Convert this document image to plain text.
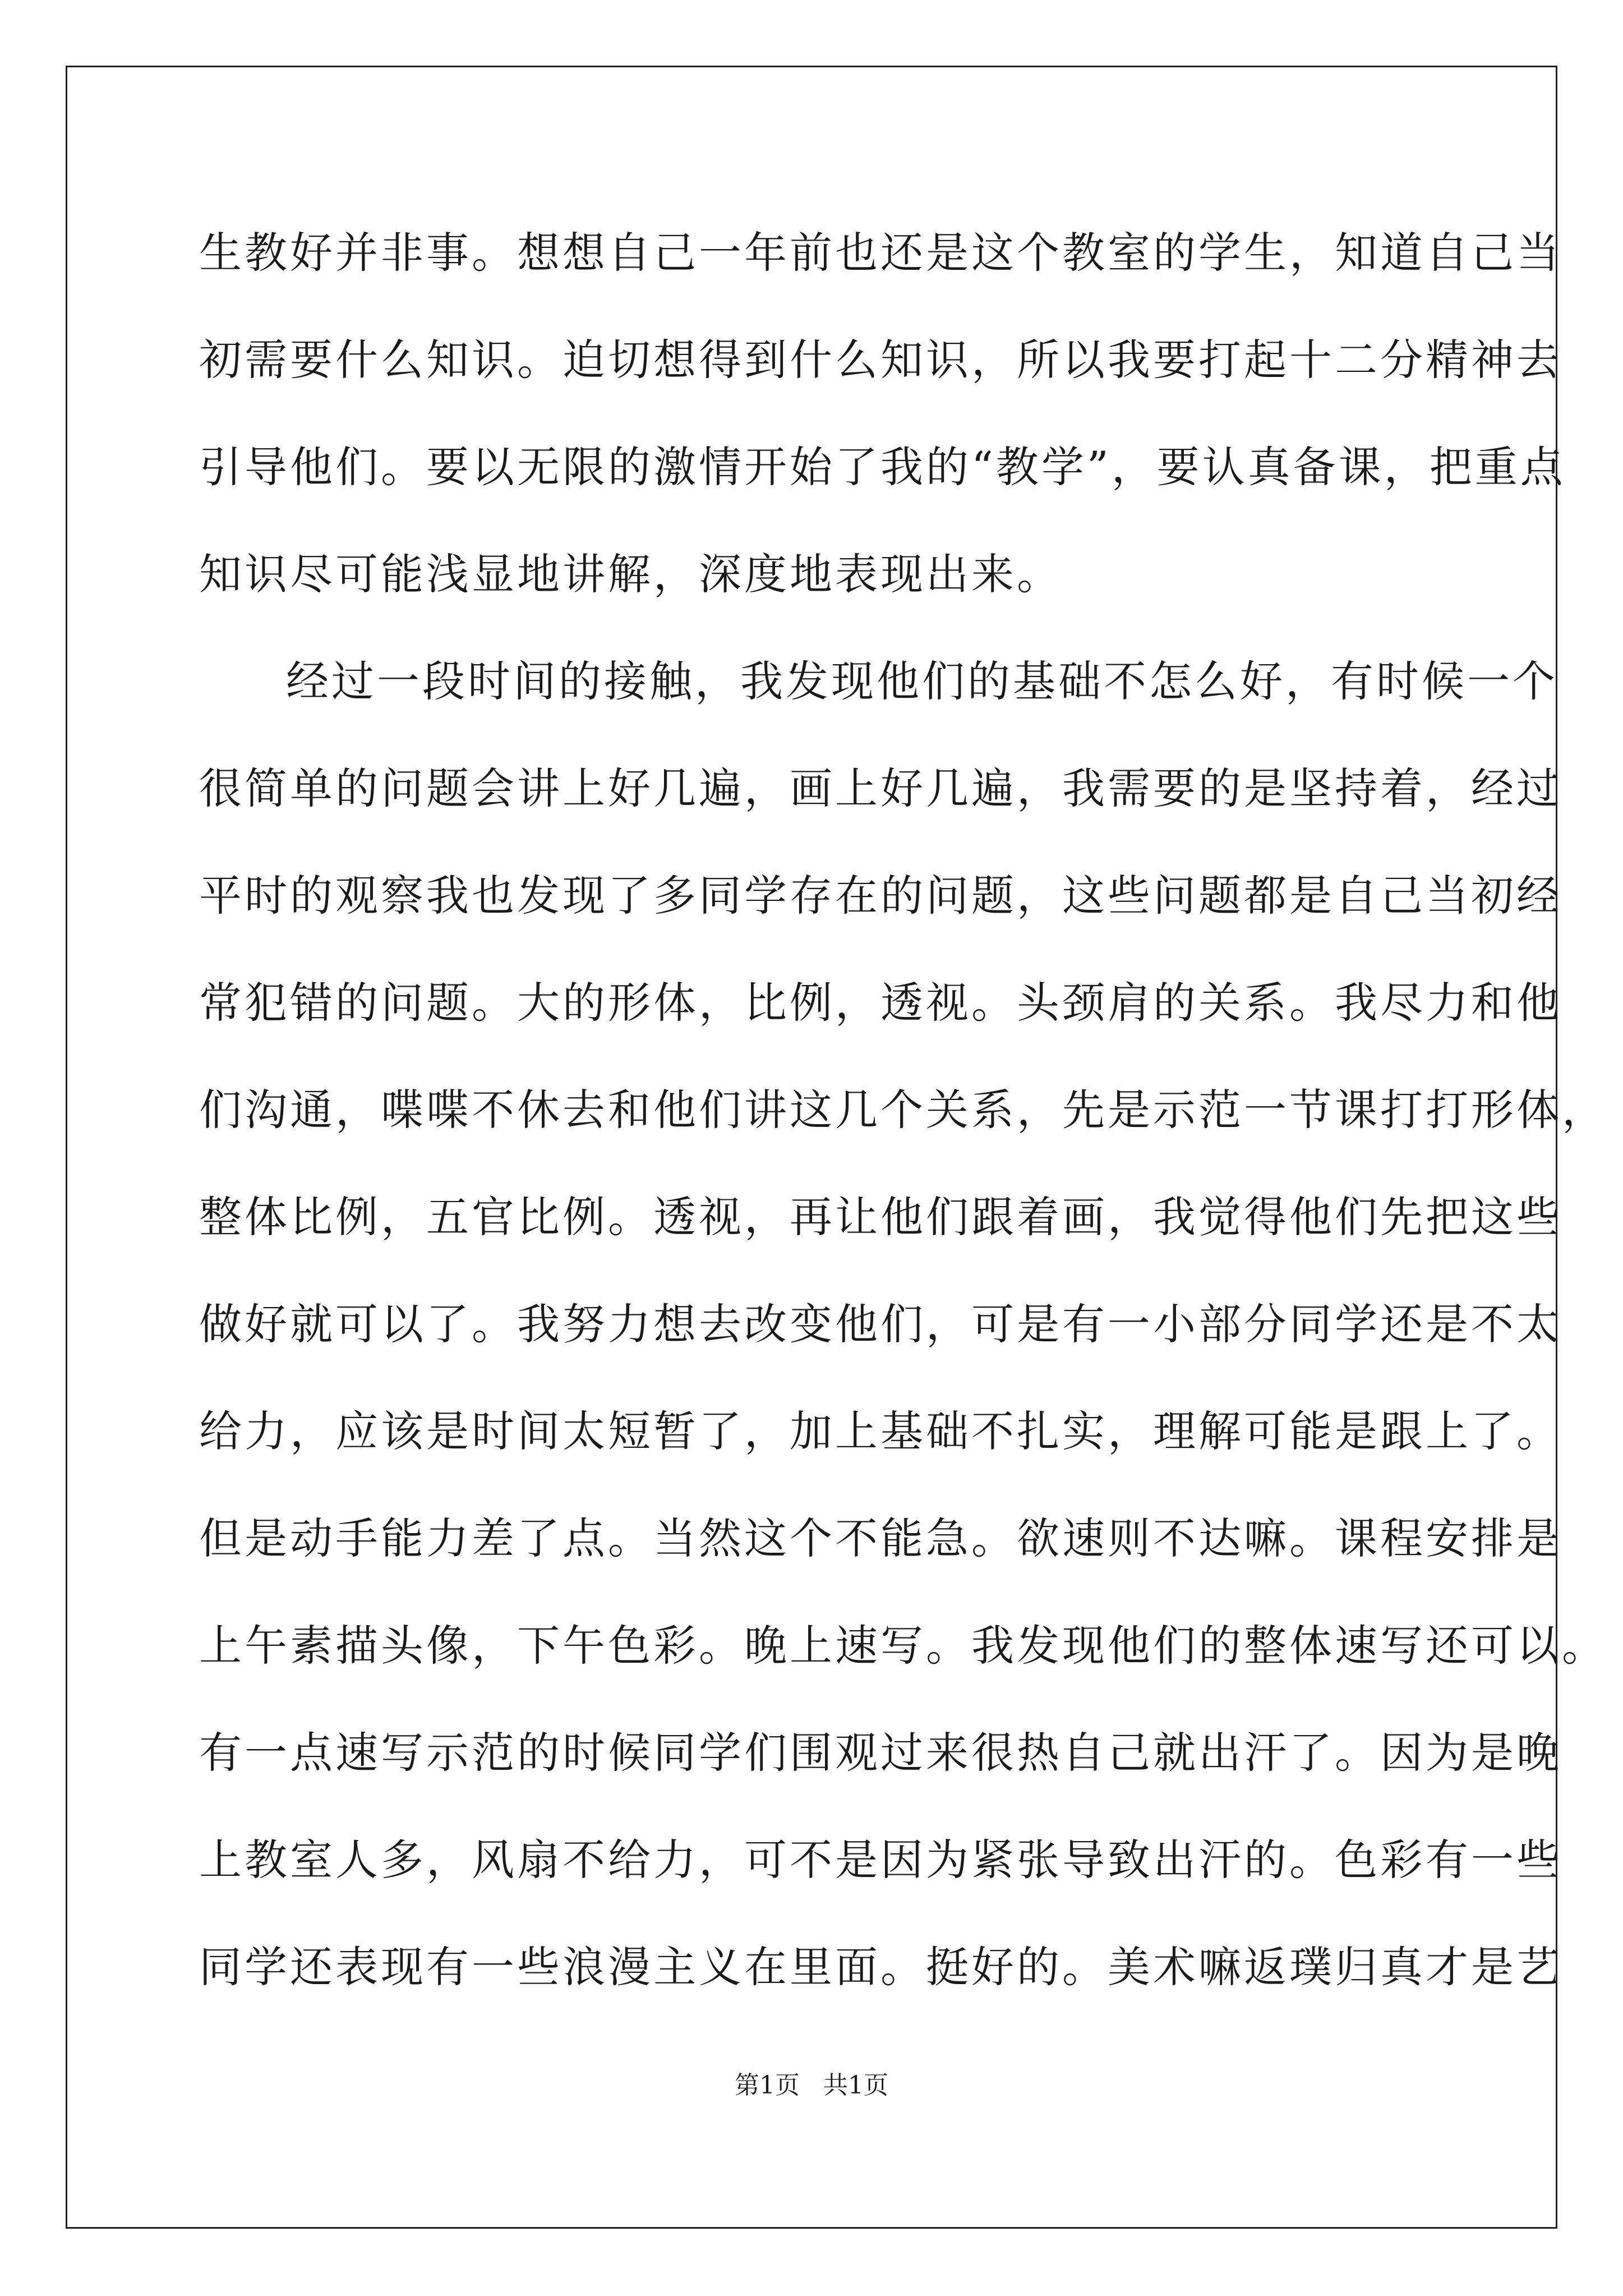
生教好并非事。想想自己一年前也还是这个教室的学生，知道自己当
初需要什么知识。迫切想得到什么知识，所以我要打起十二分精神去
引导他们。要以无限的激情开始了我的“教学”，要认真备课，把重点
知识尽可能浅显地讲解，深度地表现出来。
经过一段时间的接触，我发现他们的基础不怎么好，有时候一个
很简单的问题会讲上好几遍，画上好几遍，我需要的是坚持着，经过
平时的观察我也发现了多同学存在的问题，这些问题都是自己当初经
常犯错的问题。大的形体，比例，透视。头颈肩的关系。我尽力和他
们沟通，喋喋不休去和他们讲这几个关系，先是示范一节课打打形体，
整体比例，五官比例。透视，再让他们跟着画，我觉得他们先把这些
做好就可以了。我努力想去改变他们，可是有一小部分同学还是不太
给力，应该是时间太短暂了，加上基础不扎实，理解可能是跟上了。
但是动手能力差了点。当然这个不能急。欲速则不达嘛。课程安排是
上午素描头像，下午色彩。晚上速写。我发现他们的整体速写还可以。
有一点速写示范的时候同学们围观过来很热自己就出汗了。因为是晚
上教室人多，风扇不给力，可不是因为紧张导致出汗的。色彩有一些
同学还表现有一些浪漫主义在里面。挺好的。美术嘛返璞归真才是艺
第1页   共1页
